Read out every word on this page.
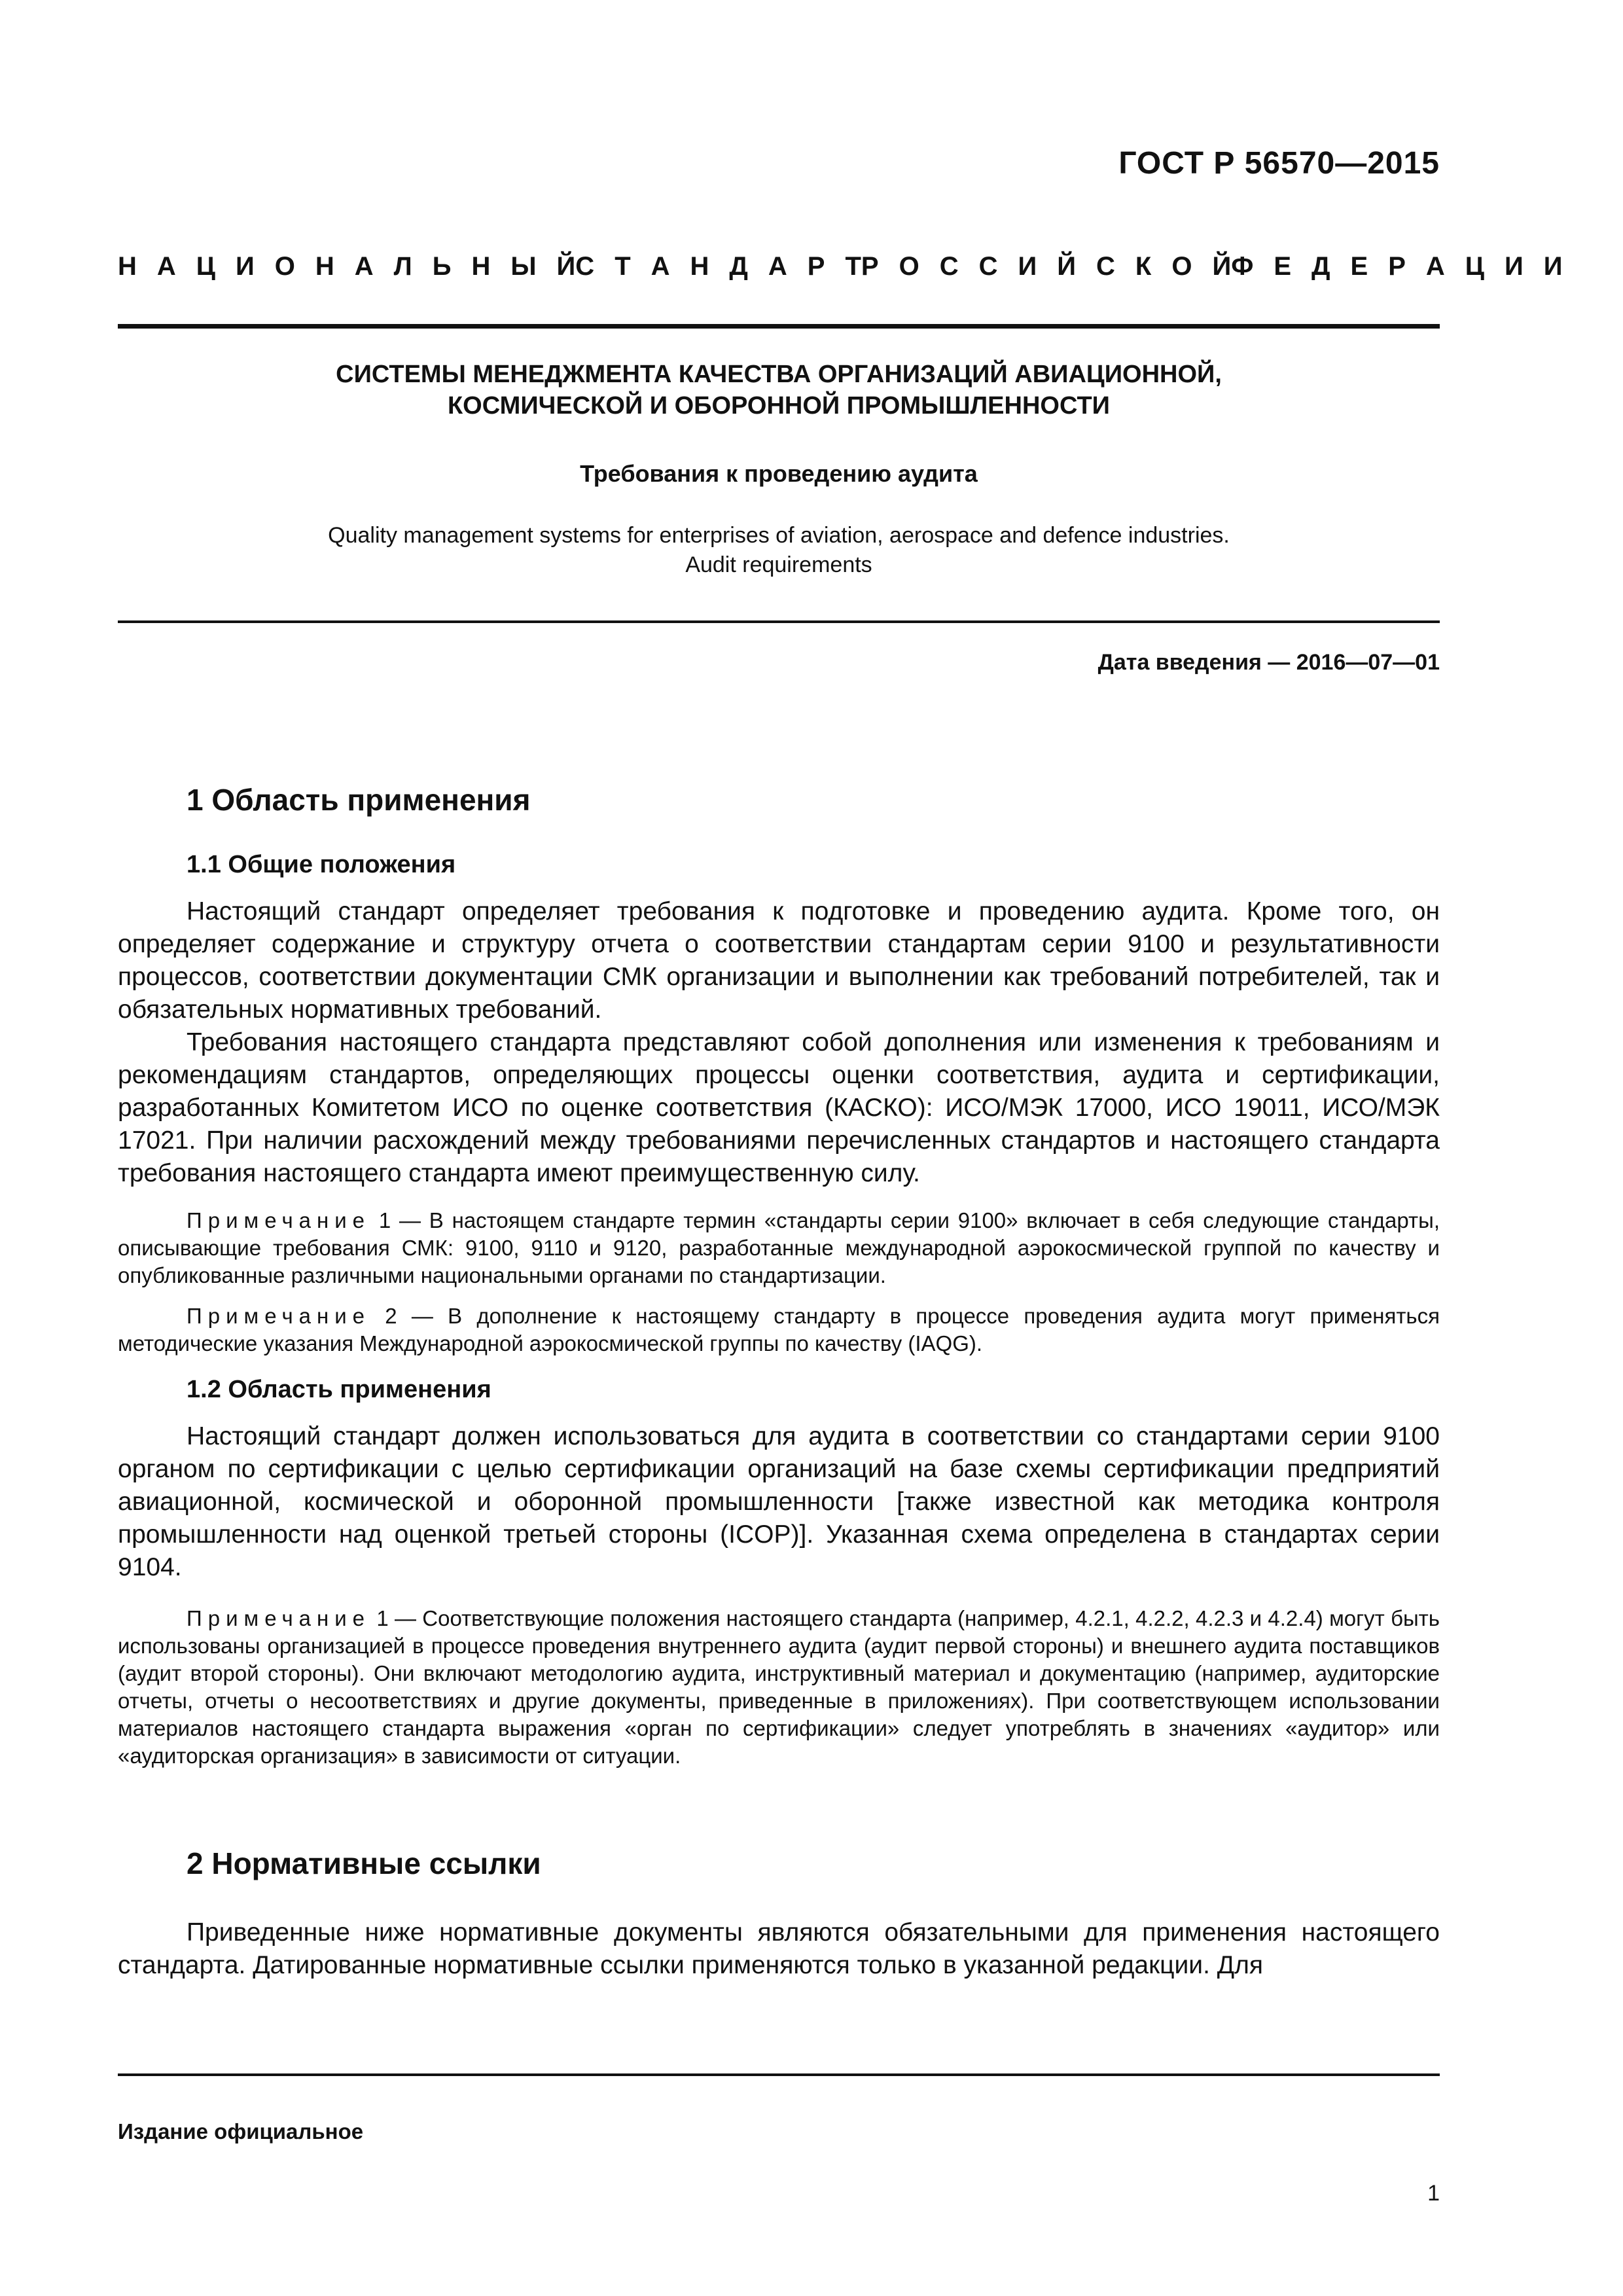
ГОСТ Р 56570—2015
Н А Ц И О Н А Л Ь Н Ы Й С Т А Н Д А Р Т Р О С С И Й С К О Й Ф Е Д Е Р А Ц И И
СИСТЕМЫ МЕНЕДЖМЕНТА КАЧЕСТВА ОРГАНИЗАЦИЙ АВИАЦИОННОЙ,
КОСМИЧЕСКОЙ И ОБОРОННОЙ ПРОМЫШЛЕННОСТИ
Требования к проведению аудита
Quality management systems for enterprises of aviation, aerospace and defence industries.
Audit requirements
Дата введения — 2016—07—01
1 Область применения
1.1 Общие положения
Настоящий стандарт определяет требования к подготовке и проведению аудита. Кроме того, он определяет содержание и структуру отчета о соответствии стандартам серии 9100 и результативности процессов, соответствии документации СМК организации и выполнении как требований потребителей, так и обязательных нормативных требований.
Требования настоящего стандарта представляют собой дополнения или изменения к требованиям и рекомендациям стандартов, определяющих процессы оценки соответствия, аудита и сертификации, разработанных Комитетом ИСО по оценке соответствия (КАСКО): ИСО/МЭК 17000, ИСО 19011, ИСО/МЭК 17021. При наличии расхождений между требованиями перечисленных стандартов и настоящего стандарта требования настоящего стандарта имеют преимущественную силу.
Примечание 1 — В настоящем стандарте термин «стандарты серии 9100» включает в себя следующие стандарты, описывающие требования СМК: 9100, 9110 и 9120, разработанные международной аэрокосмической группой по качеству и опубликованные различными национальными органами по стандартизации.
Примечание 2 — В дополнение к настоящему стандарту в процессе проведения аудита могут применяться методические указания Международной аэрокосмической группы по качеству (IAQG).
1.2 Область применения
Настоящий стандарт должен использоваться для аудита в соответствии со стандартами серии 9100 органом по сертификации с целью сертификации организаций на базе схемы сертификации предприятий авиационной, космической и оборонной промышленности [также известной как методика контроля промышленности над оценкой третьей стороны (ICOP)]. Указанная схема определена в стандартах серии 9104.
Примечание 1 — Соответствующие положения настоящего стандарта (например, 4.2.1, 4.2.2, 4.2.3 и 4.2.4) могут быть использованы организацией в процессе проведения внутреннего аудита (аудит первой стороны) и внешнего аудита поставщиков (аудит второй стороны). Они включают методологию аудита, инструктивный материал и документацию (например, аудиторские отчеты, отчеты о несоответствиях и другие документы, приведенные в приложениях). При соответствующем использовании материалов настоящего стандарта выражения «орган по сертификации» следует употреблять в значениях «аудитор» или «аудиторская организация» в зависимости от ситуации.
2 Нормативные ссылки
Приведенные ниже нормативные документы являются обязательными для применения настоящего стандарта. Датированные нормативные ссылки применяются только в указанной редакции. Для
Издание официальное
1
